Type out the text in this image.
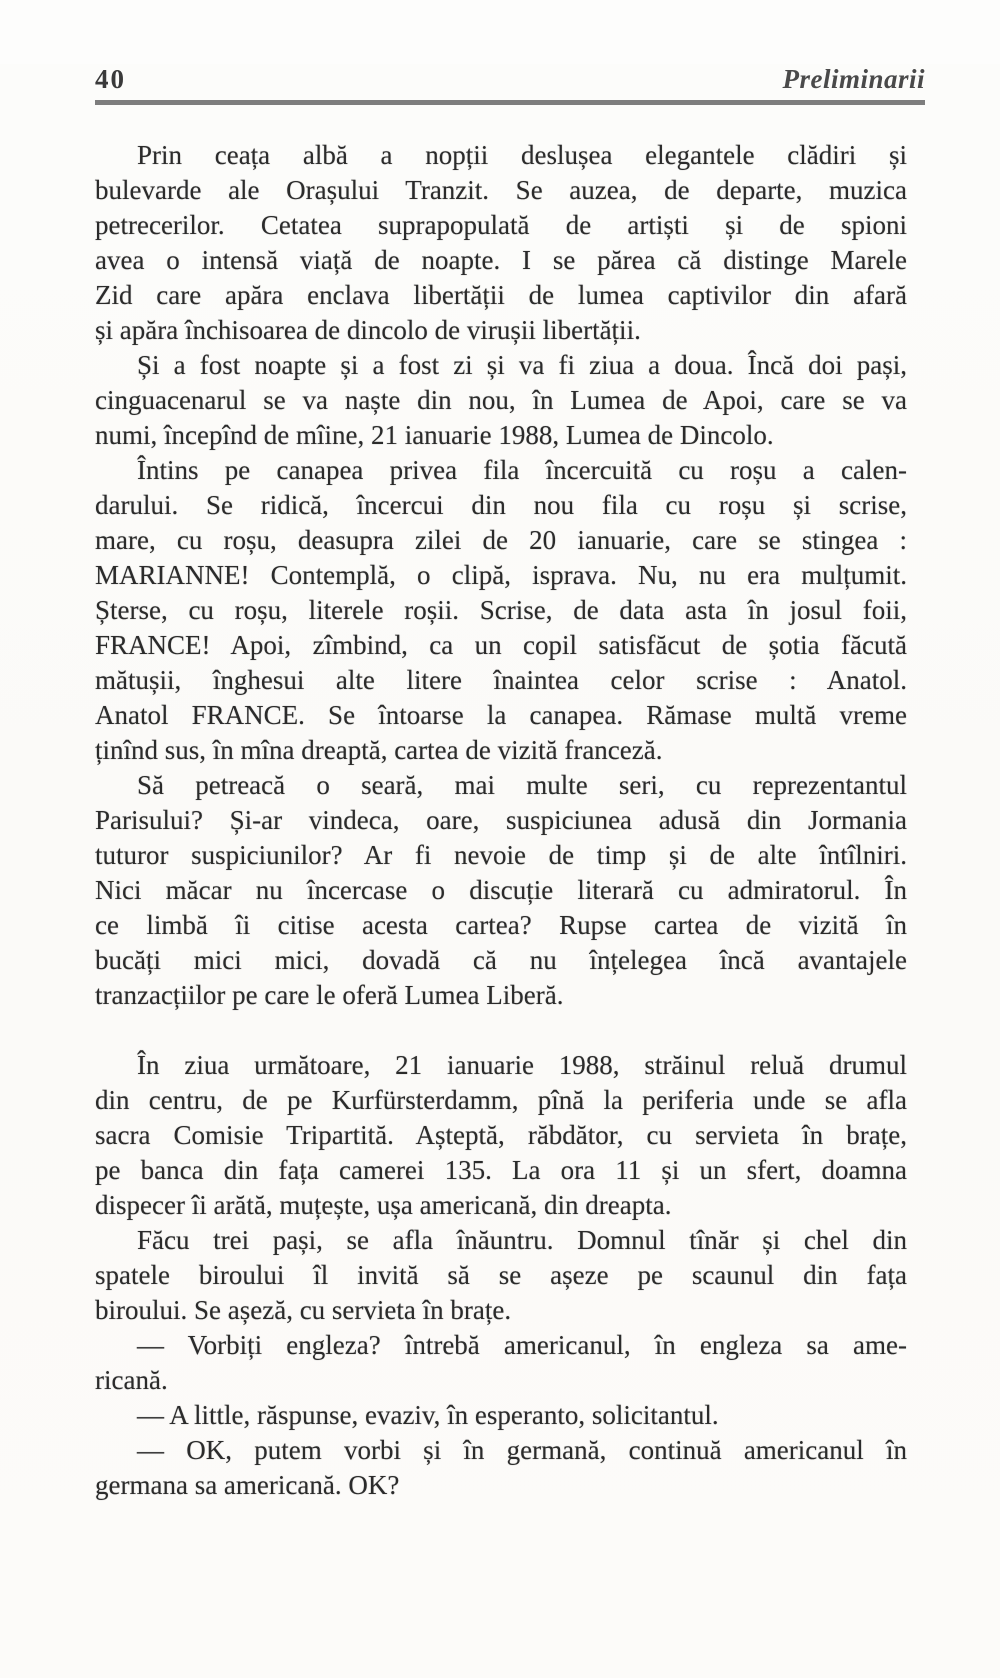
40	Preliminarii

Prin ceața albă a nopții deslușea elegantele clădiri și
bulevarde ale Orașului Tranzit. Se auzea, de departe, muzica
petrecerilor. Cetatea suprapopulată de artiști și de spioni
avea o intensă viață de noapte. I se părea că distinge Marele
Zid care apăra enclava libertății de lumea captivilor din afară
și apăra închisoarea de dincolo de virușii libertății.

Și a fost noapte și a fost zi și va fi ziua a doua. Încă doi pași,
cinguacenarul se va naște din nou, în Lumea de Apoi, care se va
numi, începînd de mîine, 21 ianuarie 1988, Lumea de Dincolo.

Întins pe canapea privea fila încercuită cu roșu a calen-
darului. Se ridică, încercui din nou fila cu roșu și scrise,
mare, cu roșu, deasupra zilei de 20 ianuarie, care se stingea :
MARIANNE! Contemplă, o clipă, isprava. Nu, nu era mulțumit.
Șterse, cu roșu, literele roșii. Scrise, de data asta în josul foii,
FRANCE! Apoi, zîmbind, ca un copil satisfăcut de șotia făcută
mătușii, înghesui alte litere înaintea celor scrise : Anatol.
Anatol FRANCE. Se întoarse la canapea. Rămase multă vreme
ținînd sus, în mîna dreaptă, cartea de vizită franceză.

Să petreacă o seară, mai multe seri, cu reprezentantul
Parisului? Și-ar vindeca, oare, suspiciunea adusă din Jormania
tuturor suspiciunilor? Ar fi nevoie de timp și de alte întîlniri.
Nici măcar nu încercase o discuție literară cu admiratorul. În
ce limbă îi citise acesta cartea? Rupse cartea de vizită în
bucăți mici mici, dovadă că nu înțelegea încă avantajele
tranzacțiilor pe care le oferă Lumea Liberă.

În ziua următoare, 21 ianuarie 1988, străinul reluă drumul
din centru, de pe Kurfürsterdamm, pînă la periferia unde se afla
sacra Comisie Tripartită. Așteptă, răbdător, cu servieta în brațe,
pe banca din fața camerei 135. La ora 11 și un sfert, doamna
dispecer îi arătă, muțește, ușa americană, din dreapta.

Făcu trei pași, se afla înăuntru. Domnul tînăr și chel din
spatele biroului îl invită să se așeze pe scaunul din fața
biroului. Se așeză, cu servieta în brațe.

— Vorbiți engleza? întrebă americanul, în engleza sa ame-
ricană.

— A little, răspunse, evaziv, în esperanto, solicitantul.

— OK, putem vorbi și în germană, continuă americanul în
germana sa americană. OK?
